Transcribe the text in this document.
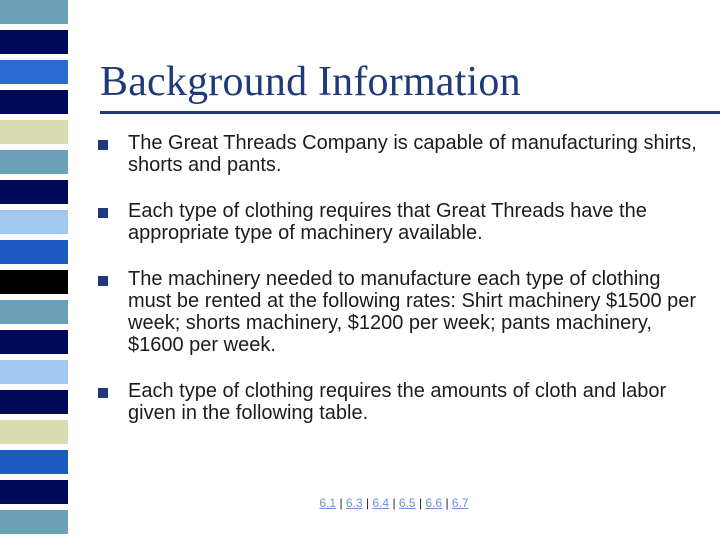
Background Information
The Great Threads Company is capable of manufacturing shirts, shorts and pants.
Each type of clothing requires that Great Threads have the appropriate type of machinery available.
The machinery needed to manufacture each type of clothing must be rented at the following rates: Shirt machinery $1500 per week; shorts machinery, $1200 per week; pants machinery, $1600 per week.
Each type of clothing requires the amounts of cloth and labor given in the following table.
6.1 | 6.3 | 6.4 | 6.5 | 6.6 | 6.7
